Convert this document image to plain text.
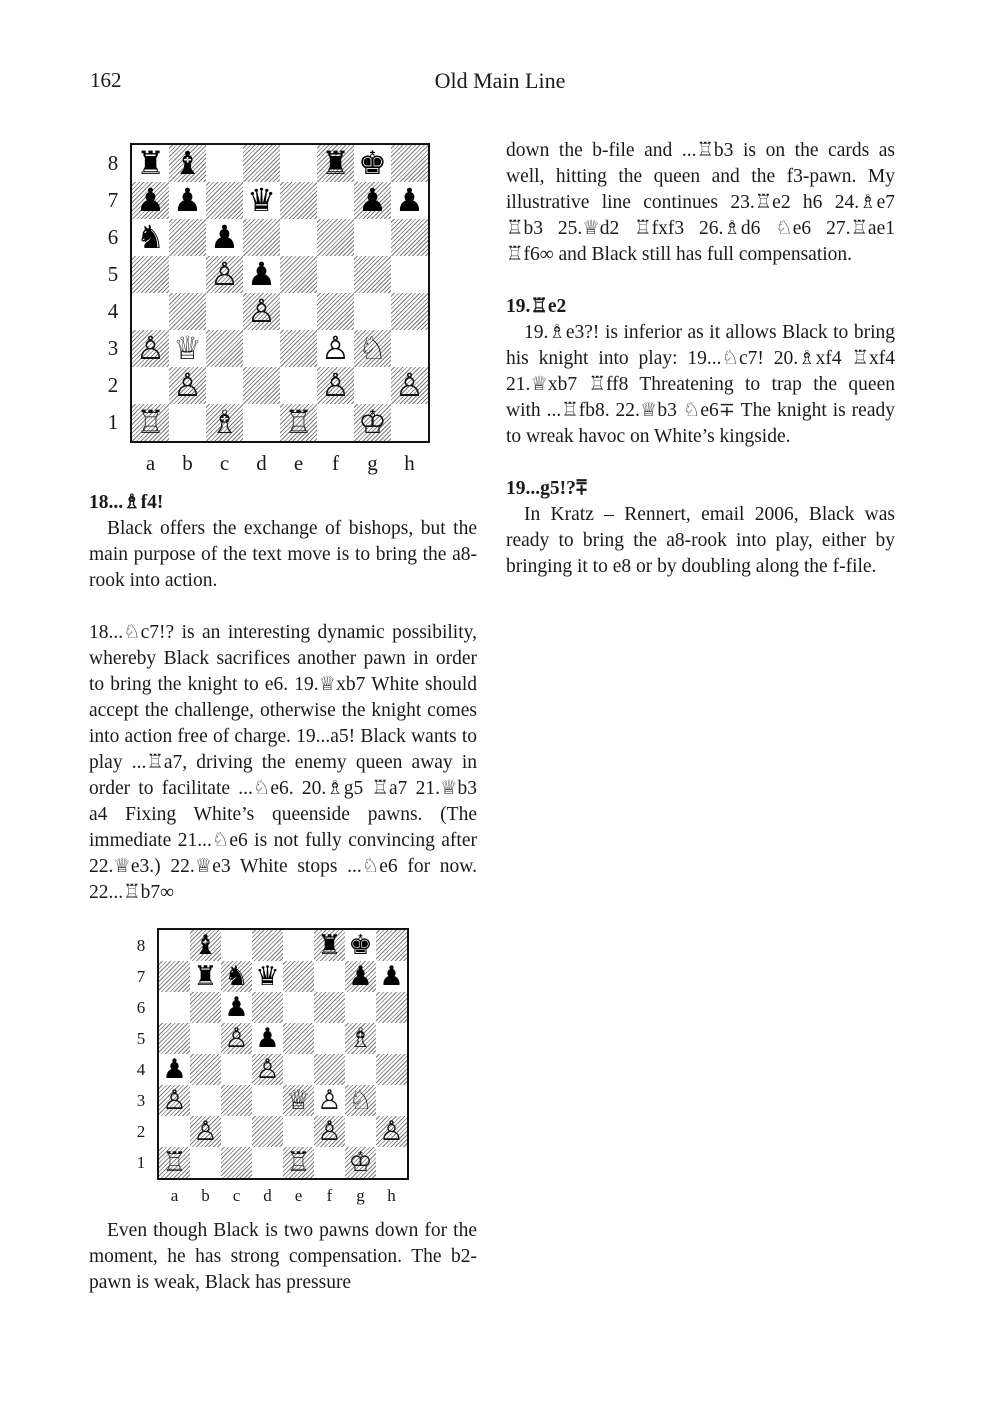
162	Old Main Line
♜ ♝	♜ ♚
♟ ♟ ♛	♟ ♟
♞ ♟
♙ ♟
♙
♙ ♕	♙ ♘
♙	♙ ♙
♖ ♗ ♖ ♔
8
7
6
5
4
3
2
1
a	b	c	d	e	f	g	h

18...♗f4!

Black offers the exchange of bishops, but the main purpose of the text move is to bring the a8-rook into action.

18...♘c7!? is an interesting dynamic possibility, whereby Black sacrifices another pawn in order to bring the knight to e6. 19.♕xb7 White should accept the challenge, otherwise the knight comes into action free of charge. 19...a5! Black wants to play ...♖a7, driving the enemy queen away in order to facilitate ...♘e6. 20.♗g5 ♖a7 21.♕b3 a4 Fixing White’s queenside pawns. (The immediate 21...♘e6 is not fully convincing after 22.♕e3.) 22.♕e3 White stops ...♘e6 for now. 22...♖b7∞

♝	♜ ♚
♜ ♞ ♛	♟ ♟
♟
♙ ♟	♗
♟	♙
♙	♕ ♙ ♘
♙	♙ ♙
♖	♖ ♔
8
7
6
5
4
3
2
1
a	b	c	d	e	f	g	h

Even though Black is two pawns down for the moment, he has strong compensation. The b2-pawn is weak, Black has pressure

down the b-file and ...♖b3 is on the cards as well, hitting the queen and the f3-pawn. My illustrative line continues 23.♖e2 h6 24.♗e7 ♖b3 25.♕d2 ♖fxf3 26.♗d6 ♘e6 27.♖ae1 ♖f6∞ and Black still has full compensation.

19.♖e2

19.♗e3?! is inferior as it allows Black to bring his knight into play: 19...♘c7! 20.♗xf4 ♖xf4 21.♕xb7 ♖ff8 Threatening to trap the queen with ...♖fb8. 22.♕b3 ♘e6∓ The knight is ready to wreak havoc on White’s kingside.

19...g5!?⩱

In Kratz – Rennert, email 2006, Black was ready to bring the a8-rook into play, either by bringing it to e8 or by doubling along the f-file.
